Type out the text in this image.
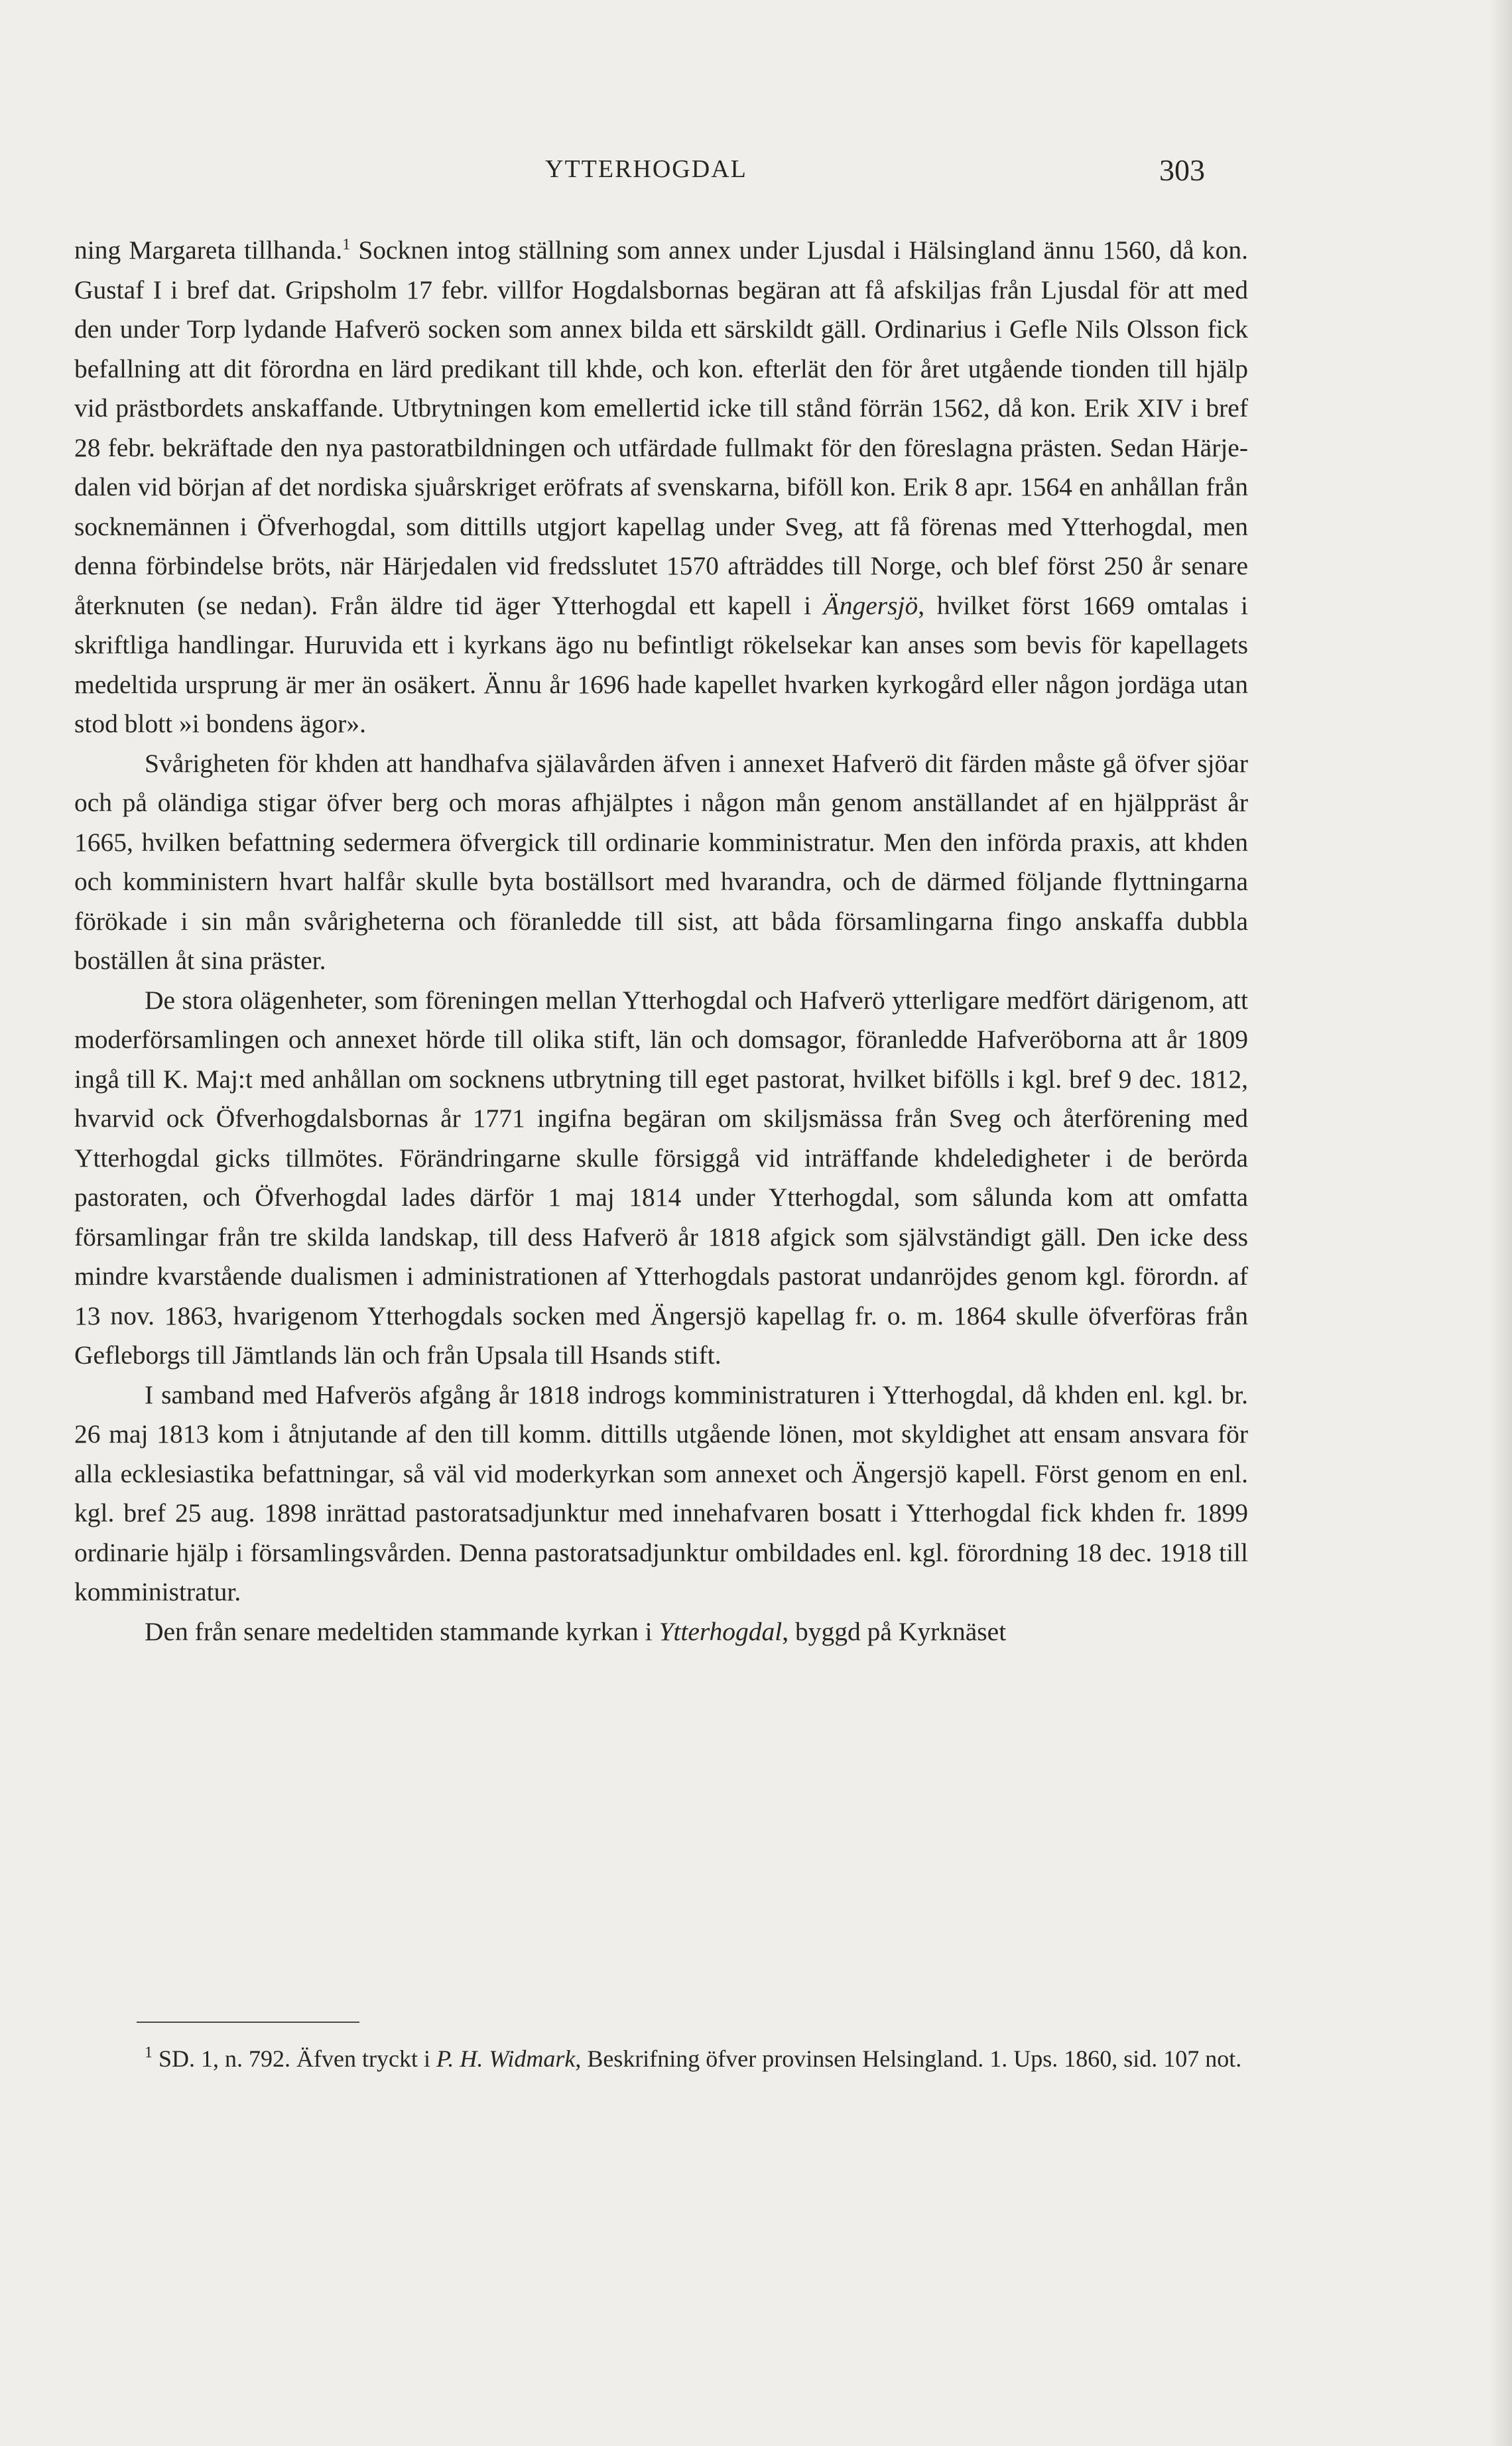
YTTERHOGDAL	303

ning Margareta tillhanda.$^1$ Socknen intog ställning som annex under Ljusdal i Hälsingland ännu 1560, då kon. Gustaf I i bref dat. Gripsholm 17 febr. villfor Hogdalsbornas begäran att få afskiljas från Ljusdal för att med den under Torp lydande Hafverö socken som annex bilda ett särskildt gäll. Ordinarius i Gefle Nils Olsson fick befallning att dit förordna en lärd predikant till khde, och kon. efterlät den för året utgående tionden till hjälp vid prästbordets anskaffande. Utbrytningen kom emellertid icke till stånd förrän 1562, då kon. Erik XIV i bref 28 febr. bekräftade den nya pastoratbildningen och utfärdade fullmakt för den föreslagna prästen. Sedan Härjedalen vid början af det nordiska sjuårskriget eröfrats af svenskarna, biföll kon. Erik 8 apr. 1564 en anhållan från socknemännen i Öfverhogdal, som dittills utgjort kapellag under Sveg, att få förenas med Ytterhogdal, men denna förbindelse bröts, när Härjedalen vid fredsslutet 1570 afträddes till Norge, och blef först 250 år senare återknuten (se nedan). Från äldre tid äger Ytterhogdal ett kapell i Ängersjö, hvilket först 1669 omtalas i skriftliga handlingar. Huruvida ett i kyrkans ägo nu befintligt rökelsekar kan anses som bevis för kapellagets medeltida ursprung är mer än osäkert. Ännu år 1696 hade kapellet hvarken kyrkogård eller någon jordäga utan stod blott »i bondens ägor».

Svårigheten för khden att handhafva själavården äfven i annexet Hafverö dit färden måste gå öfver sjöar och på oländiga stigar öfver berg och moras afhjälptes i någon mån genom anställandet af en hjälppräst år 1665, hvilken befattning sedermera öfvergick till ordinarie komministratur. Men den införda praxis, att khden och komministern hvart halfår skulle byta boställsort med hvarandra, och de därmed följande flyttningarna förökade i sin mån svårigheterna och föranledde till sist, att båda församlingarna fingo anskaffa dubbla boställen åt sina präster.

De stora olägenheter, som föreningen mellan Ytterhogdal och Hafverö ytterligare medfört därigenom, att moderförsamlingen och annexet hörde till olika stift, län och domsagor, föranledde Hafveröborna att år 1809 ingå till K. Maj:t med anhållan om socknens utbrytning till eget pastorat, hvilket bifölls i kgl. bref 9 dec. 1812, hvarvid ock Öfverhogdalsbornas år 1771 ingifna begäran om skiljsmässa från Sveg och återförening med Ytterhogdal gicks tillmötes. Förändringarne skulle försiggå vid inträffande khdeledigheter i de berörda pastoraten, och Öfverhogdal lades därför 1 maj 1814 under Ytterhogdal, som sålunda kom att omfatta församlingar från tre skilda landskap, till dess Hafverö år 1818 afgick som självständigt gäll. Den icke dess mindre kvarstående dualismen i administrationen af Ytterhogdals pastorat undanröjdes genom kgl. förordn. af 13 nov. 1863, hvarigenom Ytterhogdals socken med Ängersjö kapellag fr. o. m. 1864 skulle öfverföras från Gefleborgs till Jämtlands län och från Upsala till Hsands stift.

I samband med Hafverös afgång år 1818 indrogs komministraturen i Ytterhogdal, då khden enl. kgl. br. 26 maj 1813 kom i åtnjutande af den till komm. dittills utgående lönen, mot skyldighet att ensam ansvara för alla ecklesiastika befattningar, så väl vid moderkyrkan som annexet och Ängersjö kapell. Först genom en enl. kgl. bref 25 aug. 1898 inrättad pastoratsadjunktur med innehafvaren bosatt i Ytterhogdal fick khden fr. 1899 ordinarie hjälp i församlingsvården. Denna pastoratsadjunktur ombildades enl. kgl. förordning 18 dec. 1918 till komministratur.

Den från senare medeltiden stammande kyrkan i Ytterhogdal, byggd på Kyrknäset

$^1$ SD. 1, n. 792. Äfven tryckt i P. H. Widmark, Beskrifning öfver provinsen Helsingland. 1. Ups. 1860, sid. 107 not.
